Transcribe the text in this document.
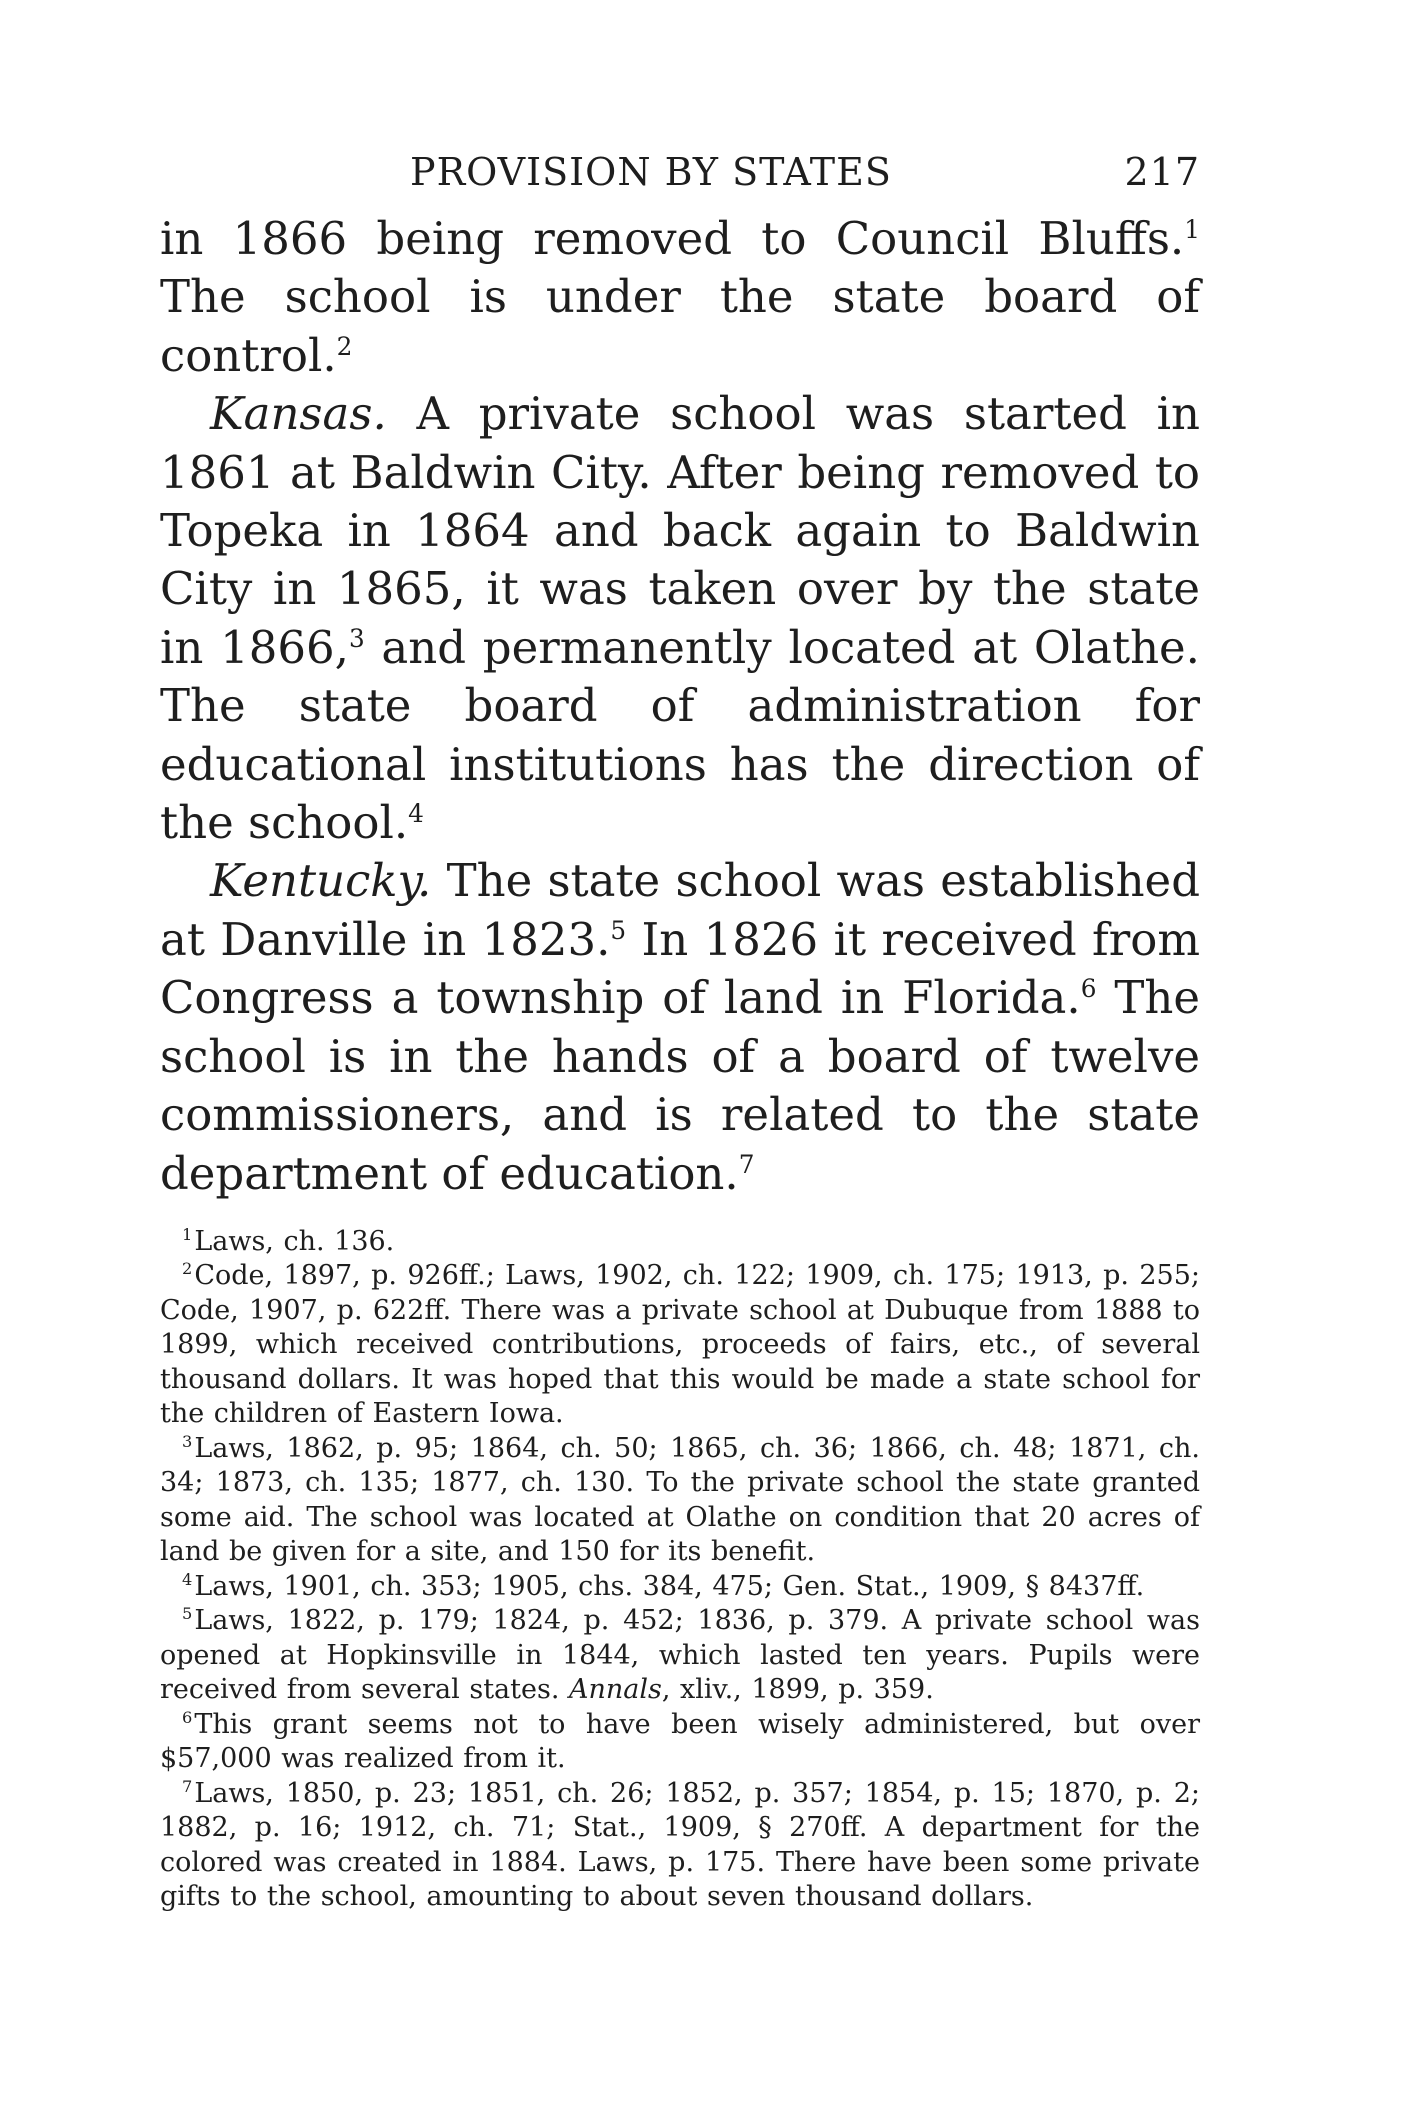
PROVISION BY STATES	217

in 1866 being removed to Council Bluffs.$^1$ The school is under the state board of control.$^2$

Kansas. A private school was started in 1861 at Baldwin City. After being removed to Topeka in 1864 and back again to Baldwin City in 1865, it was taken over by the state in 1866,$^3$ and permanently located at Olathe. The state board of administration for educational institutions has the direction of the school.$^4$

Kentucky. The state school was established at Danville in 1823.$^5$ In 1826 it received from Congress a township of land in Florida.$^6$ The school is in the hands of a board of twelve commissioners, and is related to the state department of education.$^7$

$^1$Laws, ch. 136.

$^2$Code, 1897, p. 926ff.; Laws, 1902, ch. 122; 1909, ch. 175; 1913, p. 255; Code, 1907, p. 622ff. There was a private school at Dubuque from 1888 to 1899, which received contributions, proceeds of fairs, etc., of several thousand dollars. It was hoped that this would be made a state school for the children of Eastern Iowa.

$^3$Laws, 1862, p. 95; 1864, ch. 50; 1865, ch. 36; 1866, ch. 48; 1871, ch. 34; 1873, ch. 135; 1877, ch. 130. To the private school the state granted some aid. The school was located at Olathe on condition that 20 acres of land be given for a site, and 150 for its benefit.

$^4$Laws, 1901, ch. 353; 1905, chs. 384, 475; Gen. Stat., 1909, § 8437ff.

$^5$Laws, 1822, p. 179; 1824, p. 452; 1836, p. 379. A private school was opened at Hopkinsville in 1844, which lasted ten years. Pupils were received from several states. Annals, xliv., 1899, p. 359.

$^6$This grant seems not to have been wisely administered, but over $57,000 was realized from it.

$^7$Laws, 1850, p. 23; 1851, ch. 26; 1852, p. 357; 1854, p. 15; 1870, p. 2; 1882, p. 16; 1912, ch. 71; Stat., 1909, § 270ff. A department for the colored was created in 1884. Laws, p. 175. There have been some private gifts to the school, amounting to about seven thousand dollars.
